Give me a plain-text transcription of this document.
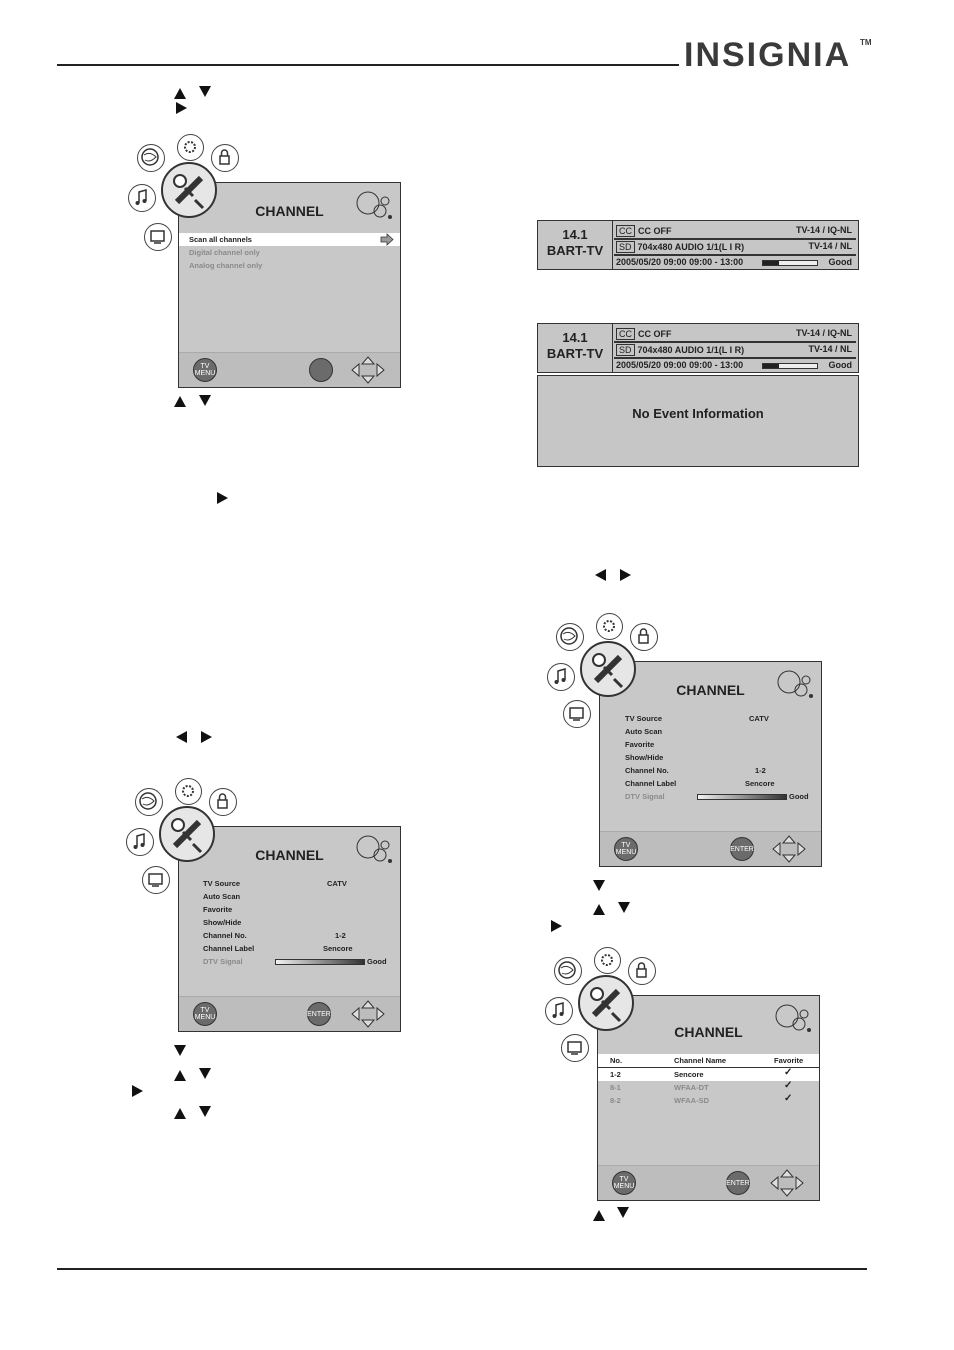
INSIGNIA TM
CHANNEL
Scan all channels
Digital channel only
Analog channel only
TV MENU
CHANNEL
TV Source	CATV
Auto Scan
Favorite
Show/Hide
Channel No.	1-2
Channel Label	Sencore
DTV Signal	Good
TV MENU	ENTER
14.1
BART-TV
CC CC OFF	TV-14 / IQ-NL
SD 704x480 AUDIO 1/1(L I R)	TV-14 / NL
2005/05/20 09:00 09:00 - 13:00	Good
14.1
BART-TV
CC CC OFF	TV-14 / IQ-NL
SD 704x480 AUDIO 1/1(L I R)	TV-14 / NL
2005/05/20 09:00 09:00 - 13:00	Good
No Event Information
CHANNEL
TV Source	CATV
Auto Scan
Favorite
Show/Hide
Channel No.	1-2
Channel Label	Sencore
DTV Signal	Good
TV MENU	ENTER
CHANNEL
No.	Channel Name	Favorite
1-2	Sencore	✓
8-1	WFAA-DT	✓
8-2	WFAA-SD	✓
TV MENU	ENTER
